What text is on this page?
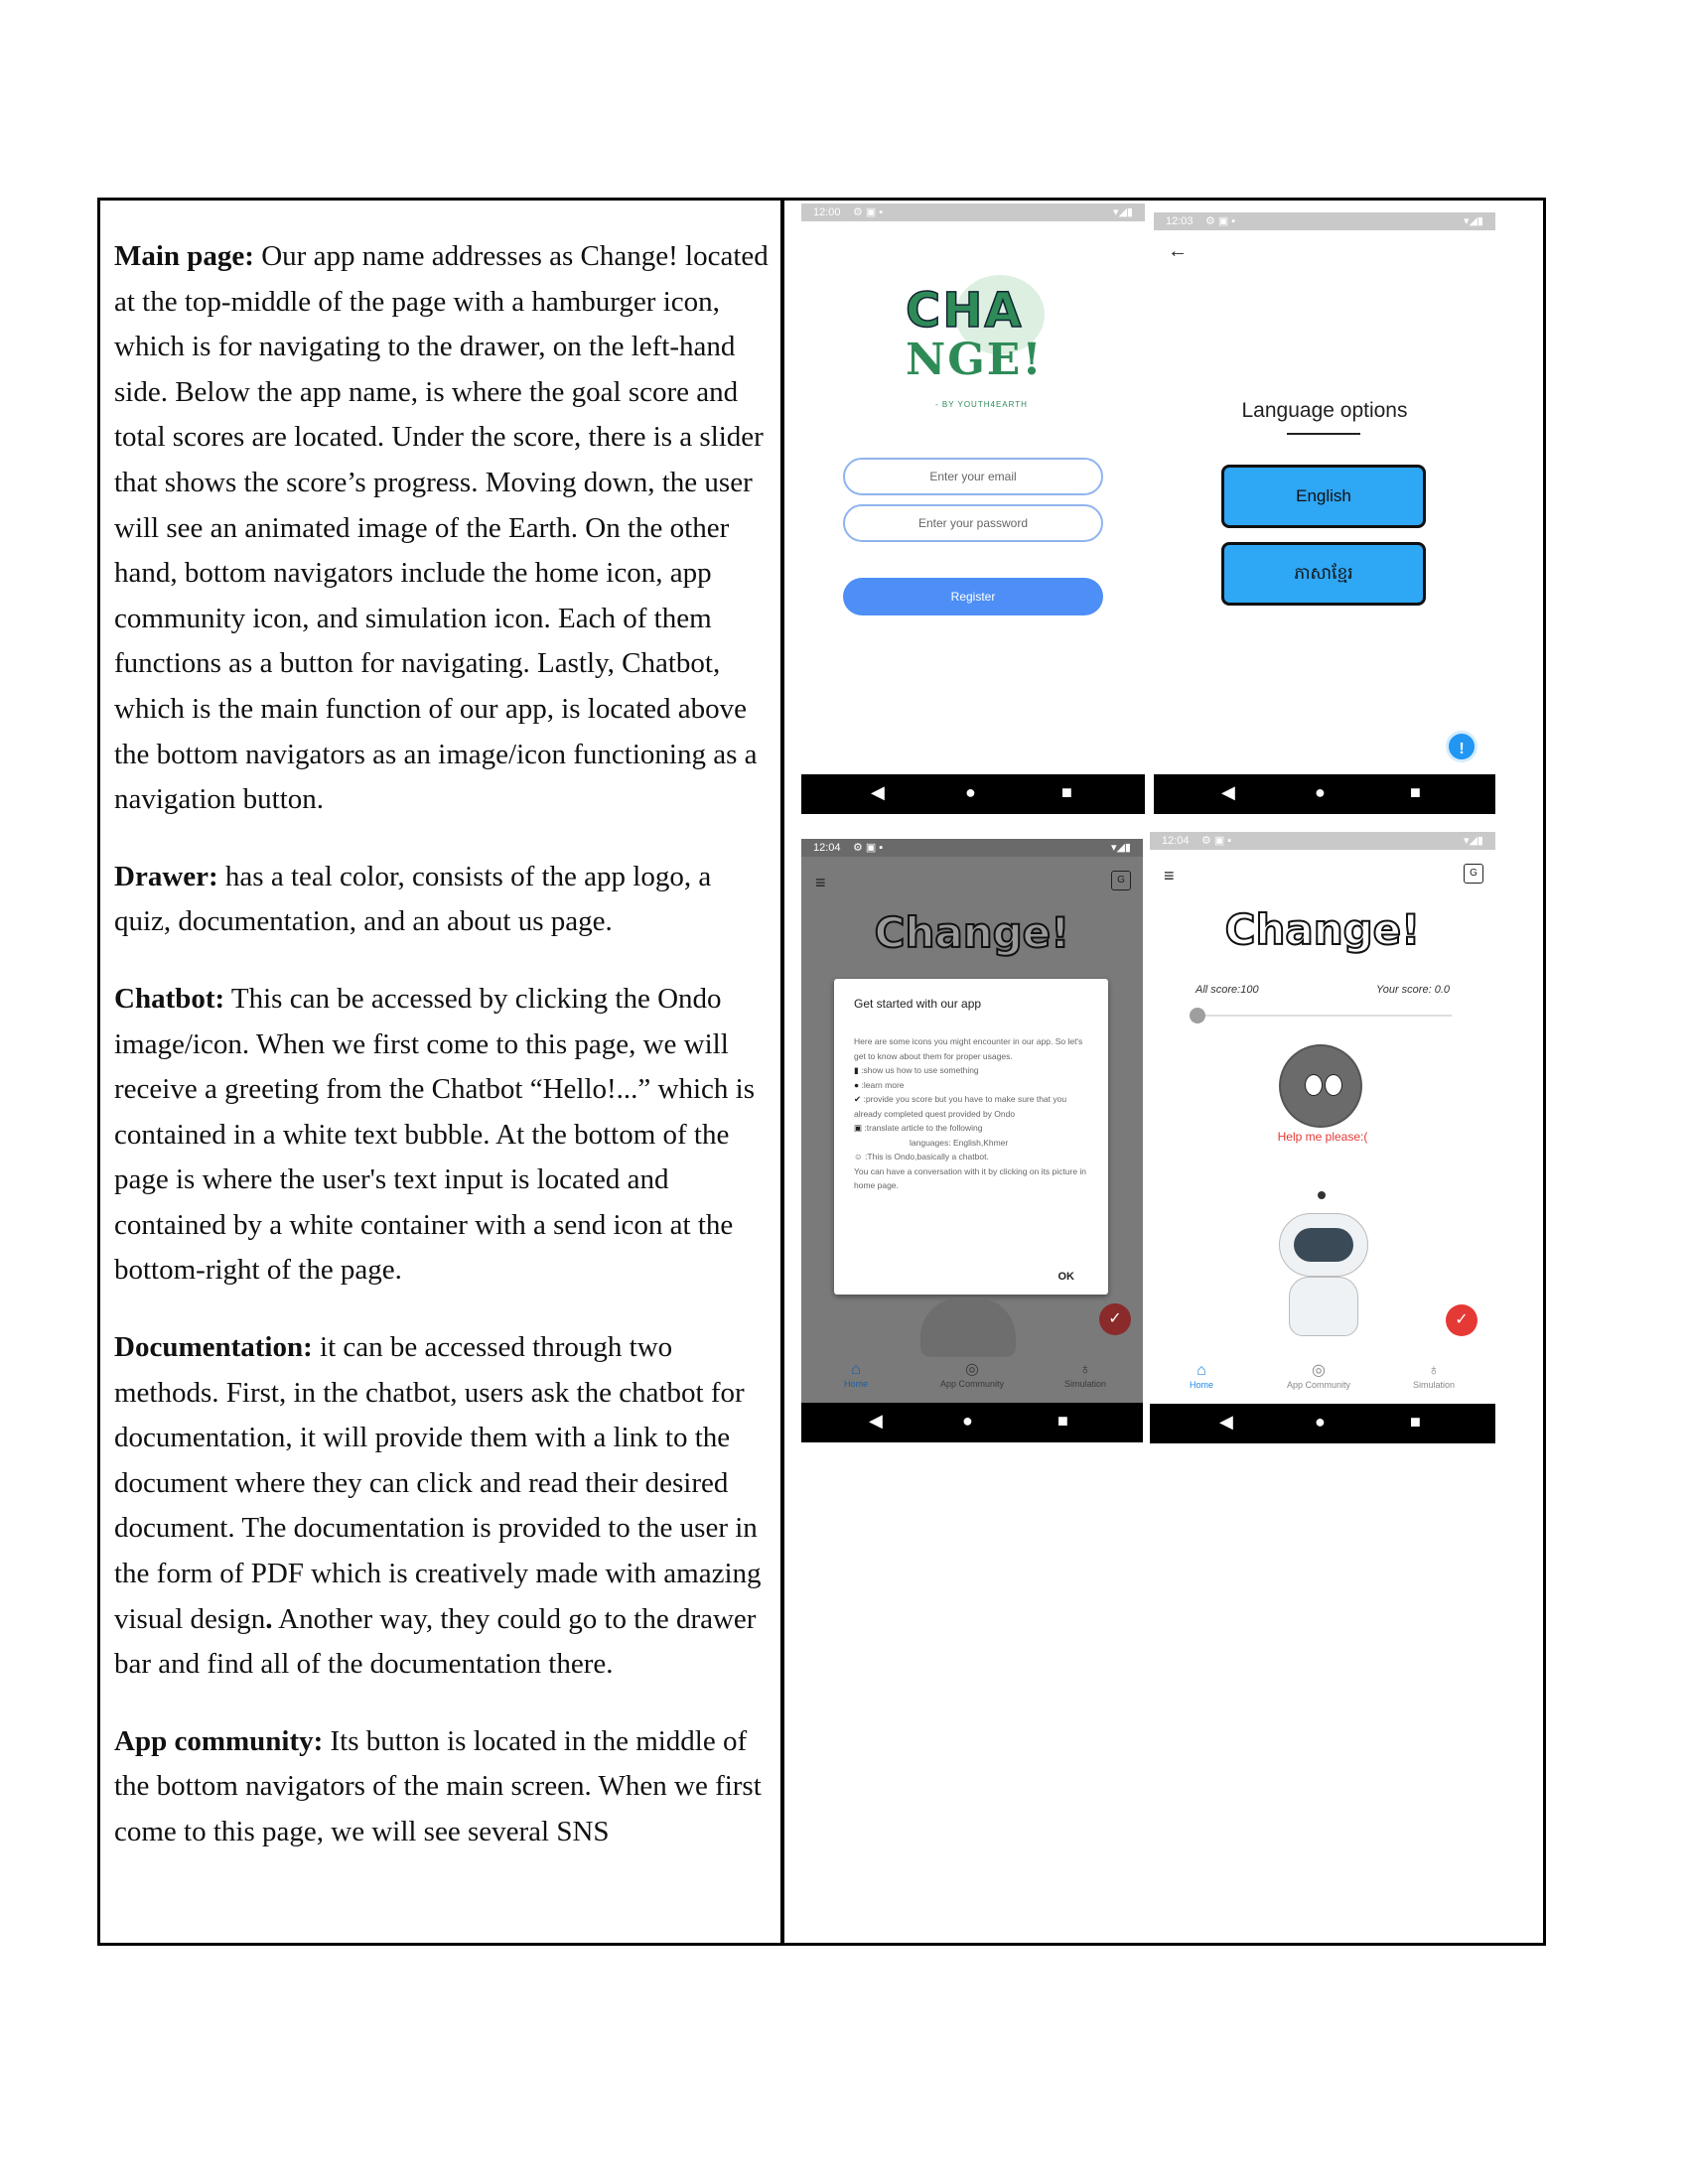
Main page: Our app name addresses as Change! located at the top-middle of the page with a hamburger icon, which is for navigating to the drawer, on the left-hand side. Below the app name, is where the goal score and total scores are located. Under the score, there is a slider that shows the score’s progress. Moving down, the user will see an animated image of the Earth. On the other hand, bottom navigators include the home icon, app community icon, and simulation icon. Each of them functions as a button for navigating. Lastly, Chatbot, which is the main function of our app, is located above the bottom navigators as an image/icon functioning as a navigation button.

Drawer: has a teal color, consists of the app logo, a quiz, documentation, and an about us page.

Chatbot: This can be accessed by clicking the Ondo image/icon. When we first come to this page, we will receive a greeting from the Chatbot “Hello!...” which is contained in a white text bubble. At the bottom of the page is where the user's text input is located and contained by a white container with a send icon at the bottom-right of the page.

Documentation: it can be accessed through two methods. First, in the chatbot, users ask the chatbot for documentation, it will provide them with a link to the document where they can click and read their desired document. The documentation is provided to the user in the form of PDF which is creatively made with amazing visual design. Another way, they could go to the drawer bar and find all of the documentation there.

App community: Its button is located in the middle of the bottom navigators of the main screen. When we first come to this page, we will see several SNS

12:00 ⚙▣▪	▾◢▮
CHA
NGE!
- BY YOUTH4EARTH
Enter your email
Enter your password
Register
◀	●	■
12:03 ⚙▣▪	▾◢▮
←
Language options
English
ភាសាខ្មែរ
!
◀	●	■
12:04 ⚙▣▪	▾◢▮
≡	G
Change!
Get started with our app
Here are some icons you might encounter in our app. So let's get to know about them for proper usages.
▮ :show us how to use something
● :learn more
✔ :provide you score but you have to make sure that you already completed quest provided by Ondo
▣ :translate article to the following
languages: English,Khmer
☺ :This is Ondo,basically a chatbot.
You can have a conversation with it by clicking on its picture in home page.
OK
✓
⌂
Home
◎
App Community
♁
Simulation
◀	●	■
12:04 ⚙▣▪	▾◢▮
≡	G
Change!
All score:100	Your score: 0.0
Help me please:(
✓
⌂
Home
◎
App Community
♁
Simulation
◀	●	■
